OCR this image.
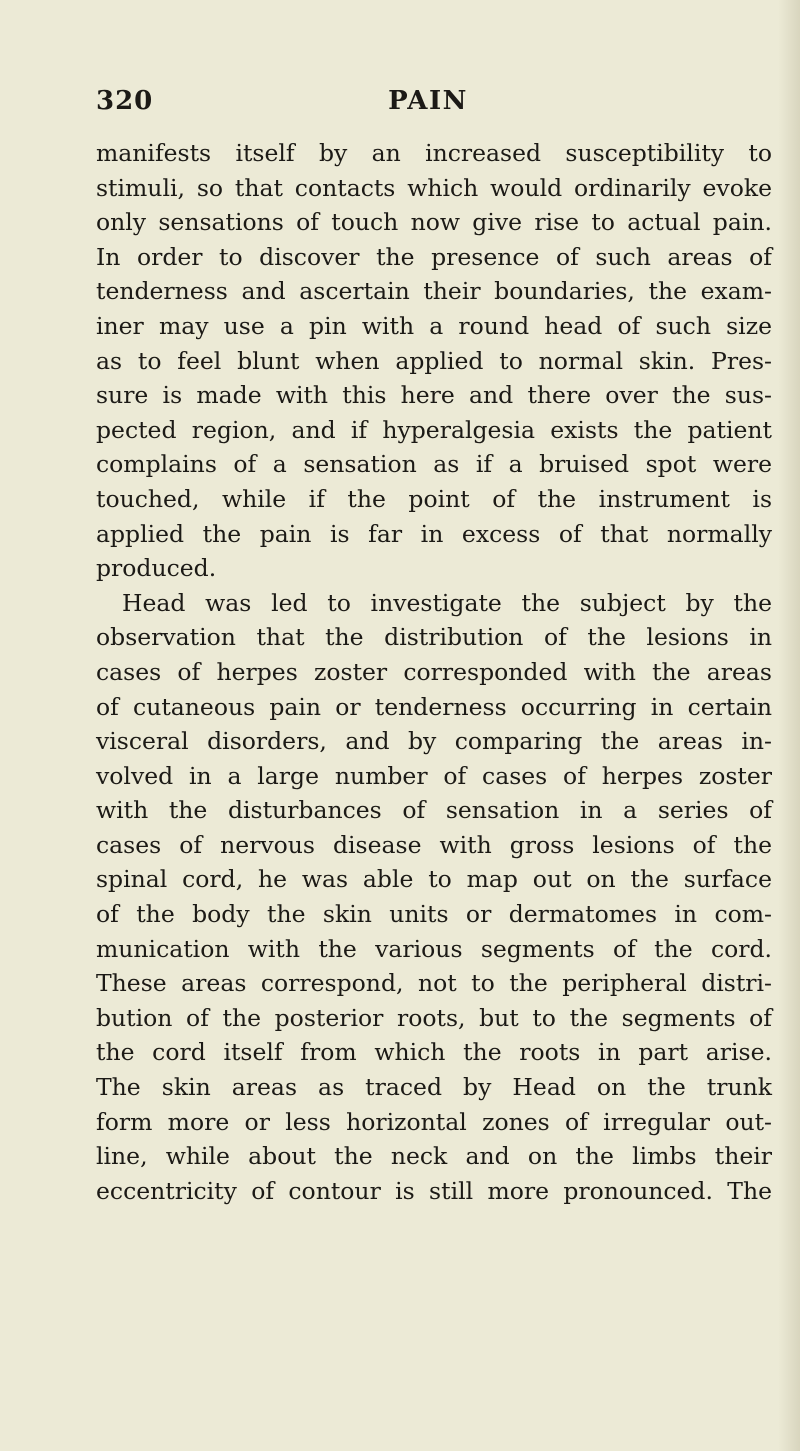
320	PAIN
manifests itself by an increased susceptibility to
stimuli, so that contacts which would ordinarily evoke
only sensations of touch now give rise to actual pain.
In order to discover the presence of such areas of
tenderness and ascertain their boundaries, the exam-
iner may use a pin with a round head of such size
as to feel blunt when applied to normal skin. Pres-
sure is made with this here and there over the sus-
pected region, and if hyperalgesia exists the patient
complains of a sensation as if a bruised spot were
touched, while if the point of the instrument is
applied the pain is far in excess of that normally
produced.
Head was led to investigate the subject by the
observation that the distribution of the lesions in
cases of herpes zoster corresponded with the areas
of cutaneous pain or tenderness occurring in certain
visceral disorders, and by comparing the areas in-
volved in a large number of cases of herpes zoster
with the disturbances of sensation in a series of
cases of nervous disease with gross lesions of the
spinal cord, he was able to map out on the surface
of the body the skin units or dermatomes in com-
munication with the various segments of the cord.
These areas correspond, not to the peripheral distri-
bution of the posterior roots, but to the segments of
the cord itself from which the roots in part arise.
The skin areas as traced by Head on the trunk
form more or less horizontal zones of irregular out-
line, while about the neck and on the limbs their
eccentricity of contour is still more pronounced. The
